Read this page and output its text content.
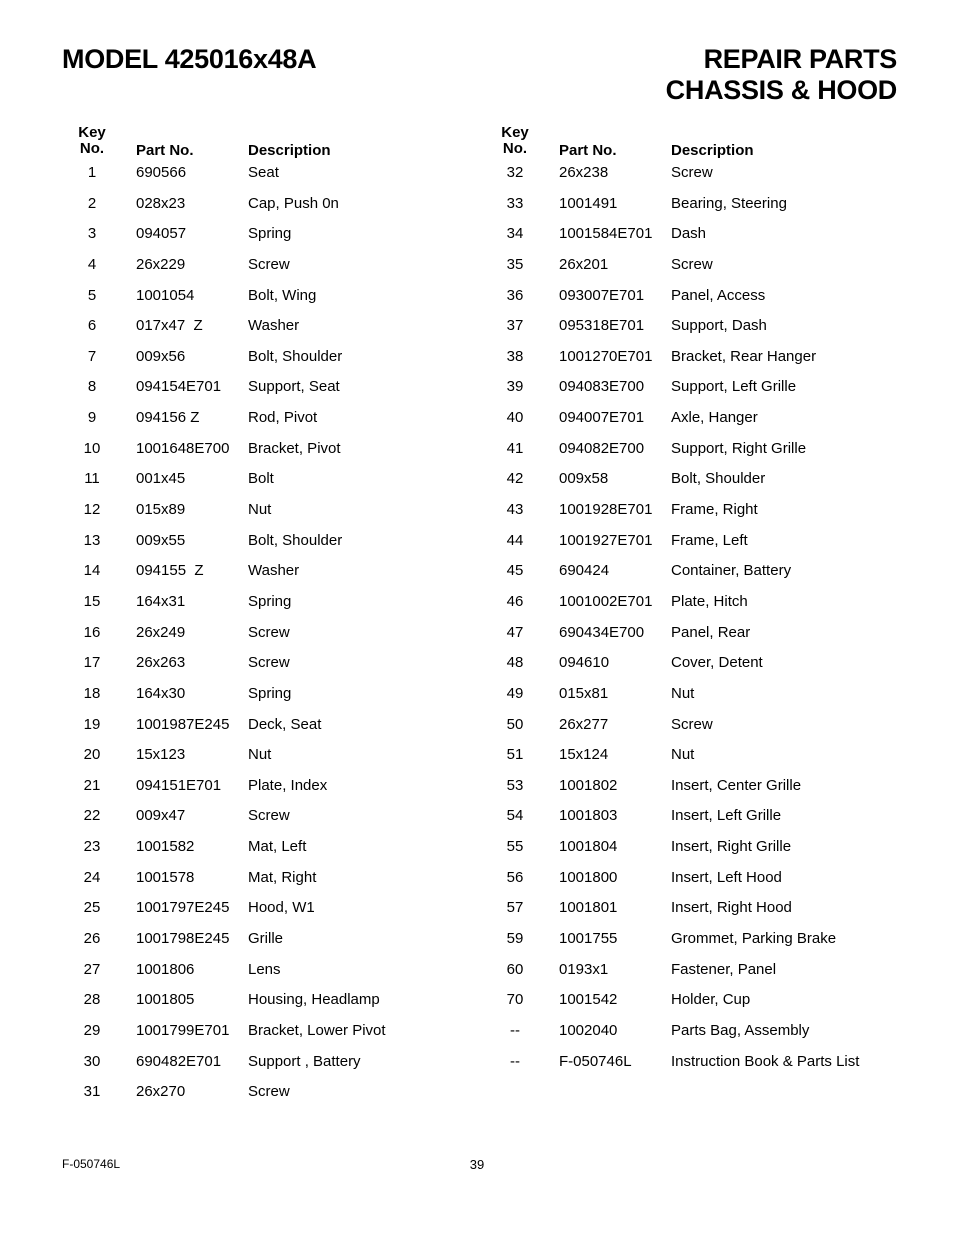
MODEL 425016x48A	REPAIR PARTS
CHASSIS & HOOD
Key
No.	Part No.	Description
1	690566	Seat
2	028x23	Cap, Push 0n
3	094057	Spring
4	26x229	Screw
5	1001054	Bolt, Wing
6	017x47  Z	Washer
7	009x56	Bolt, Shoulder
8	094154E701 Support, Seat
9	094156 Z	Rod, Pivot
10	1001648E700 Bracket, Pivot
11	001x45	Bolt
12	015x89	Nut
13	009x55	Bolt, Shoulder
14	094155  Z	Washer
15	164x31	Spring
16	26x249	Screw
17	26x263	Screw
18	164x30	Spring
19	1001987E245 Deck, Seat
20	15x123	Nut
21	094151E701 Plate, Index
22	009x47	Screw
23	1001582	Mat, Left
24	1001578	Mat, Right
25	1001797E245 Hood, W1
26	1001798E245 Grille
27	1001806	Lens
28	1001805	Housing, Headlamp
29	1001799E701 Bracket, Lower Pivot
30	690482E701 Support , Battery
31	26x270	Screw
Key
No.	Part No.	Description
32	26x238	Screw
33	1001491	Bearing, Steering
34	1001584E701 Dash
35	26x201	Screw
36	093007E701 Panel, Access
37	095318E701 Support, Dash
38	1001270E701 Bracket, Rear Hanger
39	094083E700 Support, Left Grille
40	094007E701 Axle, Hanger
41	094082E700 Support, Right Grille
42	009x58	Bolt, Shoulder
43	1001928E701 Frame, Right
44	1001927E701 Frame, Left
45	690424	Container, Battery
46	1001002E701 Plate, Hitch
47	690434E700 Panel, Rear
48	094610	Cover, Detent
49	015x81	Nut
50	26x277	Screw
51	15x124	Nut
53	1001802	Insert, Center Grille
54	1001803	Insert, Left Grille
55	1001804	Insert, Right Grille
56	1001800	Insert, Left Hood
57	1001801	Insert, Right Hood
59	1001755	Grommet, Parking Brake
60	0193x1	Fastener, Panel
70	1001542	Holder, Cup
--	1002040	Parts Bag, Assembly
--	F-050746L	Instruction Book & Parts List
F-050746L	39
